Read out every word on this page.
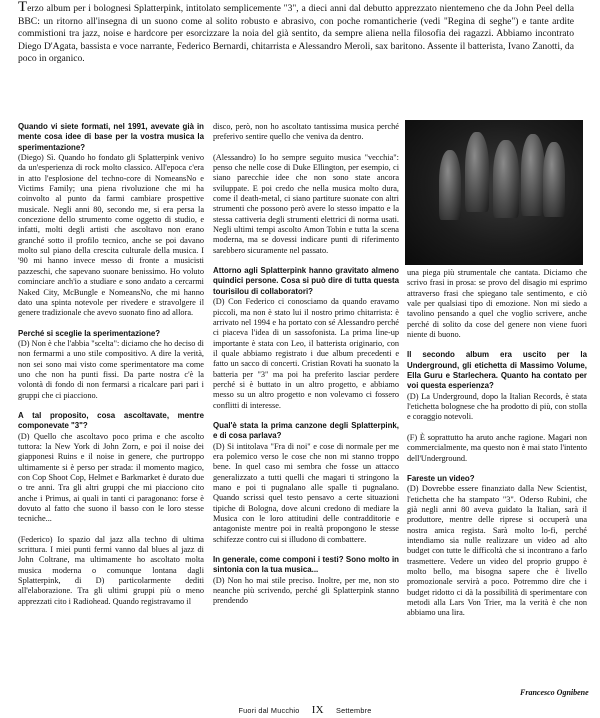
Terzo album per i bolognesi Splatterpink, intitolato semplicemente "3", a dieci anni dal debutto apprezzato nientemeno che da John Peel della BBC: un ritorno all'insegna di un suono come al solito robusto e abrasivo, con poche romanticherie (vedi "Regina di seghe") e tante ardite commistioni tra jazz, noise e hardcore per esorcizzare la noia del già sentito, da sempre aliena nella filosofia dei ragazzi. Abbiamo incontrato Diego D'Agata, bassista e voce narrante, Federico Bernardi, chitarrista e Alessandro Meroli, sax baritono. Assente il batterista, Ivano Zanotti, da poco in organico.
Quando vi siete formati, nel 1991, avevate già in mente cosa idee di base per la vostra musica la sperimentazione?

(Diego) Sì. Quando ho fondato gli Splatterpink venivo da un'esperienza di rock molto classico. All'epoca c'era in atto l'esplosione del techno-core di NomeansNo e Victims Family; una piena rivoluzione che mi ha coinvolto al punto da farmi cambiare prospettive musicale. Negli anni 80, secondo me, si era persa la concezione dello strumento come oggetto di studio, e infatti, molti degli artisti che ascoltavo non erano granché sotto il profilo tecnico, anche se poi davano molto sul piano della crescita culturale della musica. I '90 mi hanno invece messo di fronte a musicisti pazzeschi, che sapevano suonare benissimo. Ho voluto cominciare anch'io a studiare e sono andato a cercarmi Naked City, McBungle e NomeansNo, che mi hanno dato una spinta notevole per rivedere e stravolgere il genere tradizionale che avevo suonato fino ad allora.

Perché si sceglie la sperimentazione?

(D) Non è che l'abbia "scelta": diciamo che ho deciso di non fermarmi a uno stile compositivo. A dire la verità, non sei sono mai visto come sperimentatore ma come uno che non ha punti fissi. Da parte nostra c'è la volontà di fondo di non fermarsi a ricalcare pari pari i gruppi che ci piacciono.

A tal proposito, cosa ascoltavate, mentre componevate "3"?

(D) Quello che ascoltavo poco prima e che ascolto tuttora: la New York di John Zorn, e poi il noise dei giapponesi Ruins e il noise in genere, che purtroppo ultimamente si è perso per strada: il momento magico, con Cop Shoot Cop, Helmet e Barkmarket è durato due o tre anni. Tra gli altri gruppi che mi piacciono cito anche i Primus, ai quali in tanti ci paragonano: forse è dovuto al fatto che suono il basso con le loro stesse tecniche...

(Federico) Io spazio dal jazz alla techno di ultima scrittura. I miei punti fermi vanno dal blues al jazz di John Coltrane, ma ultimamente ho ascoltato molta musica moderna o comunque lontana dagli Splatterpink, di D) particolarmente dediti all'elaborazione. Tra gli ultimi gruppi più o meno apprezzati cito i Radiohead. Quando registravamo il

disco, però, non ho ascoltato tantissima musica perché preferivo sentire quello che veniva da dentro.

(Alessandro) Io ho sempre seguito musica "vecchia": penso che nelle cose di Duke Ellington, per esempio, ci siano parecchie idee che non sono state ancora sviluppate. E poi credo che nella musica molto dura, come il death-metal, ci siano partiture suonate con altri strumenti che possono però avere lo stesso impatto e la stessa cattiveria degli strumenti elettrici di norma usati. Negli ultimi tempi ascolto Amon Tobin e tutta la scena moderna, ma se dovessi indicare punti di riferimento sarebbero sicuramente nel passato.

Attorno agli Splatterpink hanno gravitato almeno quindici persone. Cosa si può dire di tutta questa tourisilou di collaboratori?

(D) Con Federico ci conosciamo da quando eravamo piccoli, ma non è stato lui il nostro primo chitarrista: è arrivato nel 1994 e ha portato con sé Alessandro perché ci piaceva l'idea di un sassofonista. La prima line-up importante è stata con Leo, il batterista originario, con il quale abbiamo registrato i due album precedenti e fatto un sacco di concerti. Cristian Rovati ha suonato la batteria per "3" ma poi ha preferito lasciar perdere perché si è buttato in un altro progetto, e abbiamo messo su un altro progetto e non volevamo ci fossero conflitti di interesse.

Qual'è stata la prima canzone degli Splatterpink, e di cosa parlava?

(D) Si intitolava "Fra di noi" e cose di normale per me era polemico verso le cose che non mi stanno troppo bene. In quel caso mi sembra che fosse un attacco generalizzato a tutti quelli che magari ti stringono la mano e poi ti pugnalano alle spalle ti pugnalano. Quando scrissi quel testo pensavo a certe situazioni tipiche di Bologna, dove alcuni credono di mediare la Musica con le loro attitudini delle contradditorie e antagoniste mentre poi in realtà propongono le stesse schifezze contro cui si illudono di combattere.

In generale, come componi i testi? Sono molto in sintonia con la tua musica...

(D) Non ho mai stile preciso. Inoltre, per me, non sto neanche più scrivendo, perché gli Splatterpink stanno prendendo

una piega più strumentale che cantata. Diciamo che scrivo frasi in prosa: se provo del disagio mi esprimo attraverso frasi che spiegano tale sentimento, e ciò vale per qualsiasi tipo di emozione. Non mi siedo a tavolino pensando a quel che voglio scrivere, anche perché di solito da cose del genere non viene fuori niente di buono.

Il secondo album era uscito per la Underground, gli etichetta di Massimo Volume, Ella Guru e Starlechera. Quanto ha contato per voi questa esperienza?

(D) La Underground, dopo la Italian Records, è stata l'etichetta bolognese che ha prodotto di più, con stolla e coraggio notevoli.

(F) È soprattutto ha aruto anche ragione. Magari non commercialmente, ma questo non è mai stato l'intento dell'Underground.

Fareste un video?

(D) Dovrebbe essere finanziato dalla New Scientist, l'etichetta che ha stampato "3". Oderso Rubini, che già negli anni 80 aveva guidato la Italian, sarà il produttore, mentre delle riprese si occuperà una nostra amica regista. Sarà molto lo-fi, perché intendiamo sia nulle realizzare un video ad alto budget con tutte le difficoltà che si incontrano a farlo trasmettere. Vedere un video del proprio gruppo è molto bello, ma bisogna sapere che è livello promozionale servirà a poco. Potremmo dire che i budget ridotto ci dà la possibilità di sperimentare con metodi alla Lars Von Trier, ma la verità è che non abbiamo una lira.

Francesco Ognibene
Fuori dal Mucchio IX Settembre
